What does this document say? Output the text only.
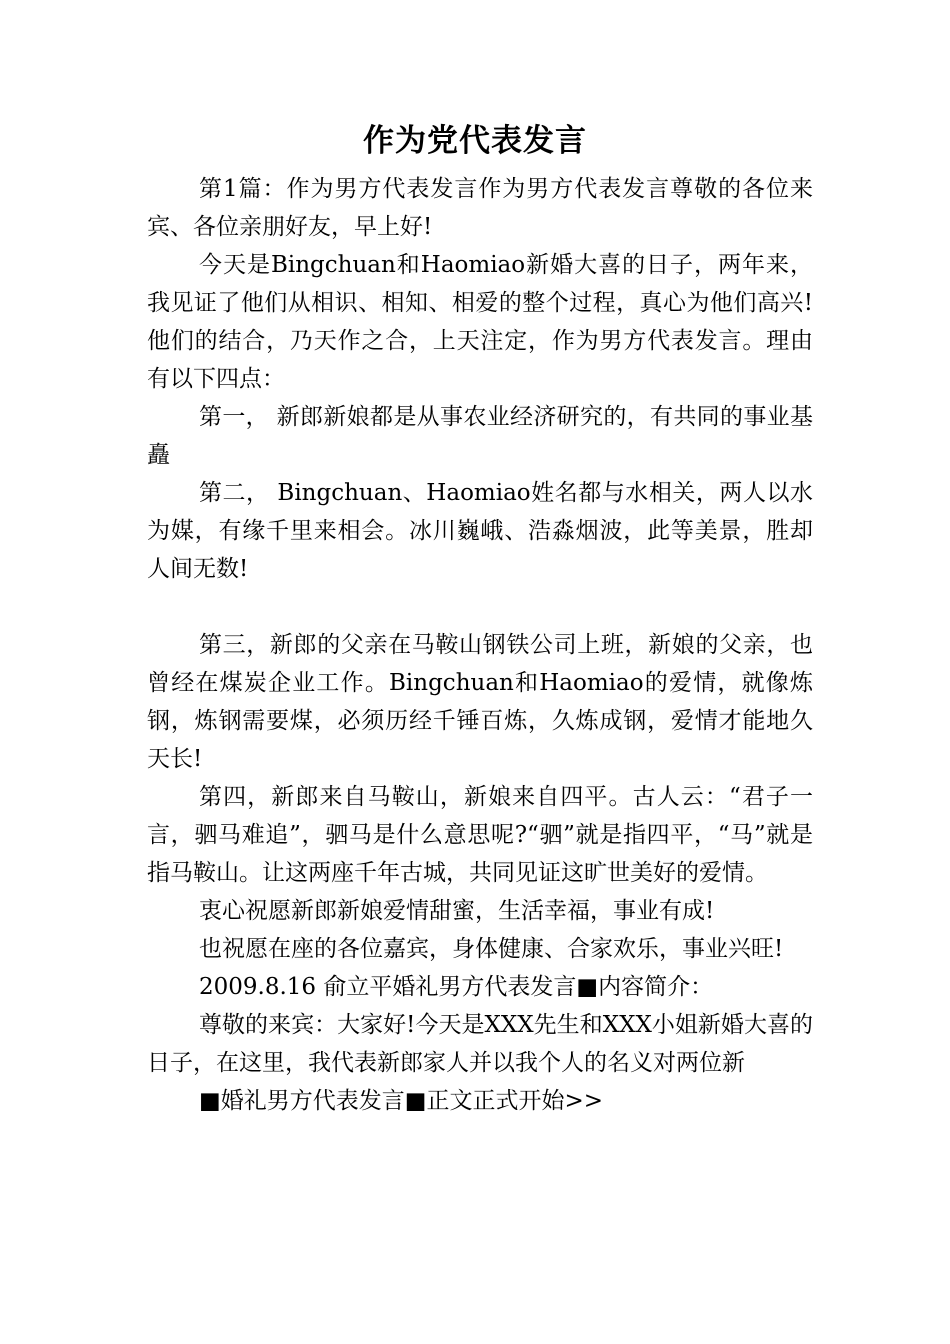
作为党代表发言

第1篇：作为男方代表发言作为男方代表发言尊敬的各位来宾、各位亲朋好友，早上好!

今天是Bingchuan和Haomiao新婚大喜的日子，两年来，我见证了他们从相识、相知、相爱的整个过程，真心为他们高兴!他们的结合，乃天作之合，上天注定，作为男方代表发言。理由有以下四点：

第一， 新郎新娘都是从事农业经济研究的，有共同的事业基矗

第二， Bingchuan、Haomiao姓名都与水相关，两人以水为媒，有缘千里来相会。冰川巍峨、浩淼烟波，此等美景，胜却人间无数!

第三，新郎的父亲在马鞍山钢铁公司上班，新娘的父亲，也曾经在煤炭企业工作。Bingchuan和Haomiao的爱情，就像炼钢，炼钢需要煤，必须历经千锤百炼，久炼成钢，爱情才能地久天长!

第四，新郎来自马鞍山，新娘来自四平。古人云：“君子一言，驷马难追”，驷马是什么意思呢?“驷”就是指四平，“马”就是指马鞍山。让这两座千年古城，共同见证这旷世美好的爱情。

衷心祝愿新郎新娘爱情甜蜜，生活幸福，事业有成!

也祝愿在座的各位嘉宾，身体健康、合家欢乐，事业兴旺!

2009.8.16 俞立平婚礼男方代表发言■内容简介：

尊敬的来宾：大家好!今天是XXX先生和XXX小姐新婚大喜的日子，在这里，我代表新郎家人并以我个人的名义对两位新

■婚礼男方代表发言■正文正式开始>>
